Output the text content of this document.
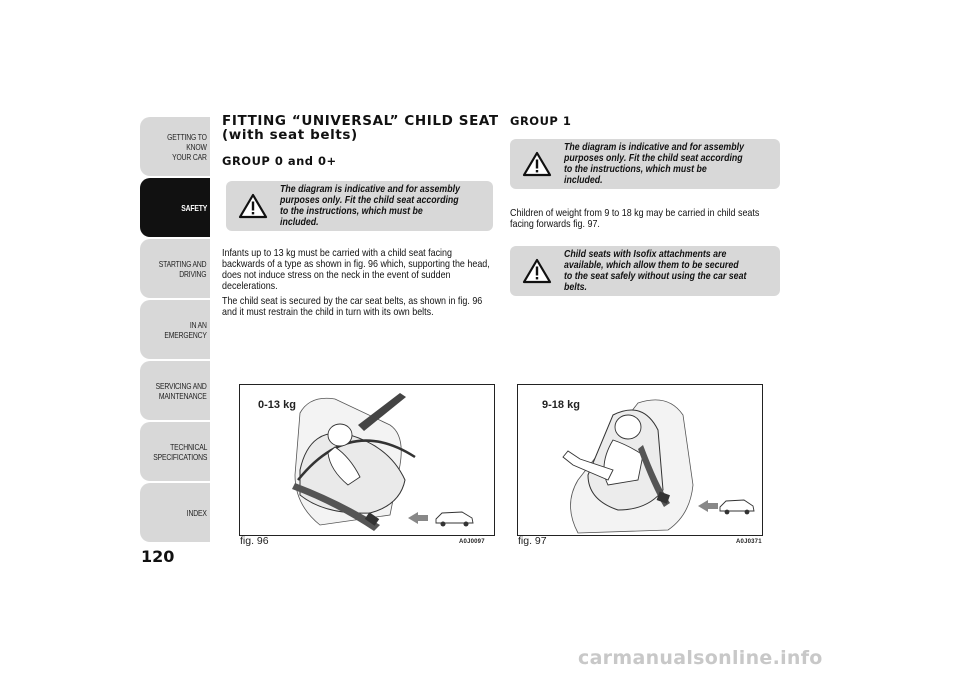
GETTING TO KNOW
YOUR CAR
SAFETY
STARTING AND
DRIVING
IN AN EMERGENCY
SERVICING AND
MAINTENANCE
TECHNICAL
SPECIFICATIONS
INDEX
120
FITTING “UNIVERSAL” CHILD SEAT (with seat belts)
GROUP 0 and 0+
The diagram is indicative and for assembly purposes only. Fit the child seat according to the instructions, which must be included.

Infants up to 13 kg must be carried with a child seat facing backwards of a type as shown in fig. 96 which, supporting the head, does not induce stress on the neck in the event of sudden decelerations.

The child seat is secured by the car seat belts, as shown in fig. 96 and it must restrain the child in turn with its own belts.

0-13 kg
fig. 96	A0J0097
GROUP 1
The diagram is indicative and for assembly purposes only. Fit the child seat according to the instructions, which must be included.

Children of weight from 9 to 18 kg may be carried in child seats facing forwards fig. 97.

Child seats with Isofix attachments are available, which allow them to be secured to the seat safely without using the car seat belts.
9-18 kg
fig. 97	A0J0371
carmanualsonline.info
